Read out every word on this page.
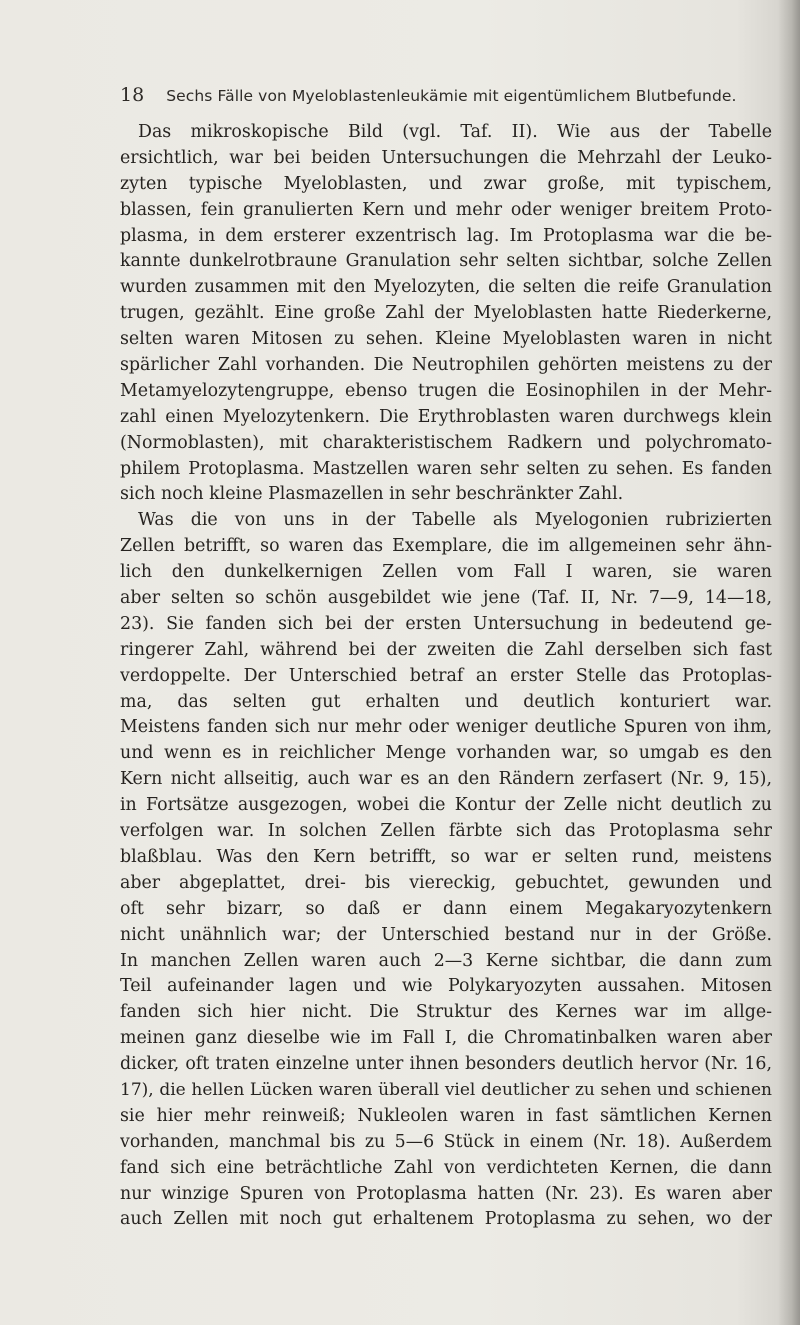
18 Sechs Fälle von Myeloblastenleukämie mit eigentümlichem Blutbefunde.
Das mikroskopische Bild (vgl. Taf. II). Wie aus der Tabelle
ersichtlich, war bei beiden Untersuchungen die Mehrzahl der Leuko-
zyten typische Myeloblasten, und zwar große, mit typischem,
blassen, fein granulierten Kern und mehr oder weniger breitem Proto-
plasma, in dem ersterer exzentrisch lag. Im Protoplasma war die be-
kannte dunkelrotbraune Granulation sehr selten sichtbar, solche Zellen
wurden zusammen mit den Myelozyten, die selten die reife Granulation
trugen, gezählt. Eine große Zahl der Myeloblasten hatte Riederkerne,
selten waren Mitosen zu sehen. Kleine Myeloblasten waren in nicht
spärlicher Zahl vorhanden. Die Neutrophilen gehörten meistens zu der
Metamyelozytengruppe, ebenso trugen die Eosinophilen in der Mehr-
zahl einen Myelozytenkern. Die Erythroblasten waren durchwegs klein
(Normoblasten), mit charakteristischem Radkern und polychromato-
philem Protoplasma. Mastzellen waren sehr selten zu sehen. Es fanden
sich noch kleine Plasmazellen in sehr beschränkter Zahl.
Was die von uns in der Tabelle als Myelogonien rubrizierten
Zellen betrifft, so waren das Exemplare, die im allgemeinen sehr ähn-
lich den dunkelkernigen Zellen vom Fall I waren, sie waren
aber selten so schön ausgebildet wie jene (Taf. II, Nr. 7—9, 14—18,
23). Sie fanden sich bei der ersten Untersuchung in bedeutend ge-
ringerer Zahl, während bei der zweiten die Zahl derselben sich fast
verdoppelte. Der Unterschied betraf an erster Stelle das Protoplas-
ma, das selten gut erhalten und deutlich konturiert war.
Meistens fanden sich nur mehr oder weniger deutliche Spuren von ihm,
und wenn es in reichlicher Menge vorhanden war, so umgab es den
Kern nicht allseitig, auch war es an den Rändern zerfasert (Nr. 9, 15),
in Fortsätze ausgezogen, wobei die Kontur der Zelle nicht deutlich zu
verfolgen war. In solchen Zellen färbte sich das Protoplasma sehr
blaßblau. Was den Kern betrifft, so war er selten rund, meistens
aber abgeplattet, drei- bis viereckig, gebuchtet, gewunden und
oft sehr bizarr, so daß er dann einem Megakaryozytenkern
nicht unähnlich war; der Unterschied bestand nur in der Größe.
In manchen Zellen waren auch 2—3 Kerne sichtbar, die dann zum
Teil aufeinander lagen und wie Polykaryozyten aussahen. Mitosen
fanden sich hier nicht. Die Struktur des Kernes war im allge-
meinen ganz dieselbe wie im Fall I, die Chromatinbalken waren aber
dicker, oft traten einzelne unter ihnen besonders deutlich hervor (Nr. 16,
17), die hellen Lücken waren überall viel deutlicher zu sehen und schienen
sie hier mehr reinweiß; Nukleolen waren in fast sämtlichen Kernen
vorhanden, manchmal bis zu 5—6 Stück in einem (Nr. 18). Außerdem
fand sich eine beträchtliche Zahl von verdichteten Kernen, die dann
nur winzige Spuren von Protoplasma hatten (Nr. 23). Es waren aber
auch Zellen mit noch gut erhaltenem Protoplasma zu sehen, wo der
